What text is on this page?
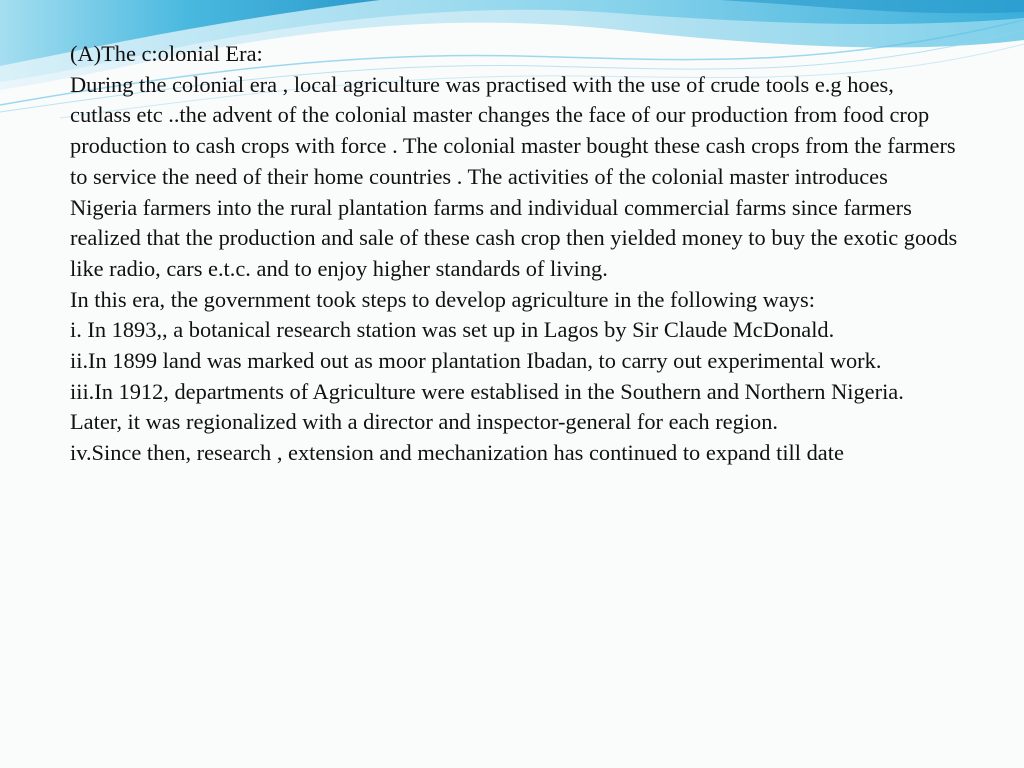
(A)The c:olonial Era:

During the colonial era , local agriculture was practised with the use of crude tools e.g hoes, cutlass etc ..the advent of the colonial master changes the face of our production from food crop production to cash crops with force . The colonial master bought these cash crops from the farmers to service the need of their home countries . The activities of the colonial master introduces Nigeria farmers into the rural plantation farms and individual commercial farms since farmers realized that the production and sale of these cash crop then yielded money to buy the exotic goods like radio, cars e.t.c. and to enjoy higher standards of living.

In this era, the government took steps to develop agriculture in the following ways:

i. In 1893,, a botanical research station was set up in Lagos by Sir Claude McDonald.

ii.In 1899 land was marked out as moor plantation Ibadan, to carry out experimental work.

iii.In 1912, departments of Agriculture were establised in the Southern and Northern Nigeria. Later, it was regionalized with a director and inspector-general for each region.

iv.Since then, research , extension and mechanization has continued to expand till date
